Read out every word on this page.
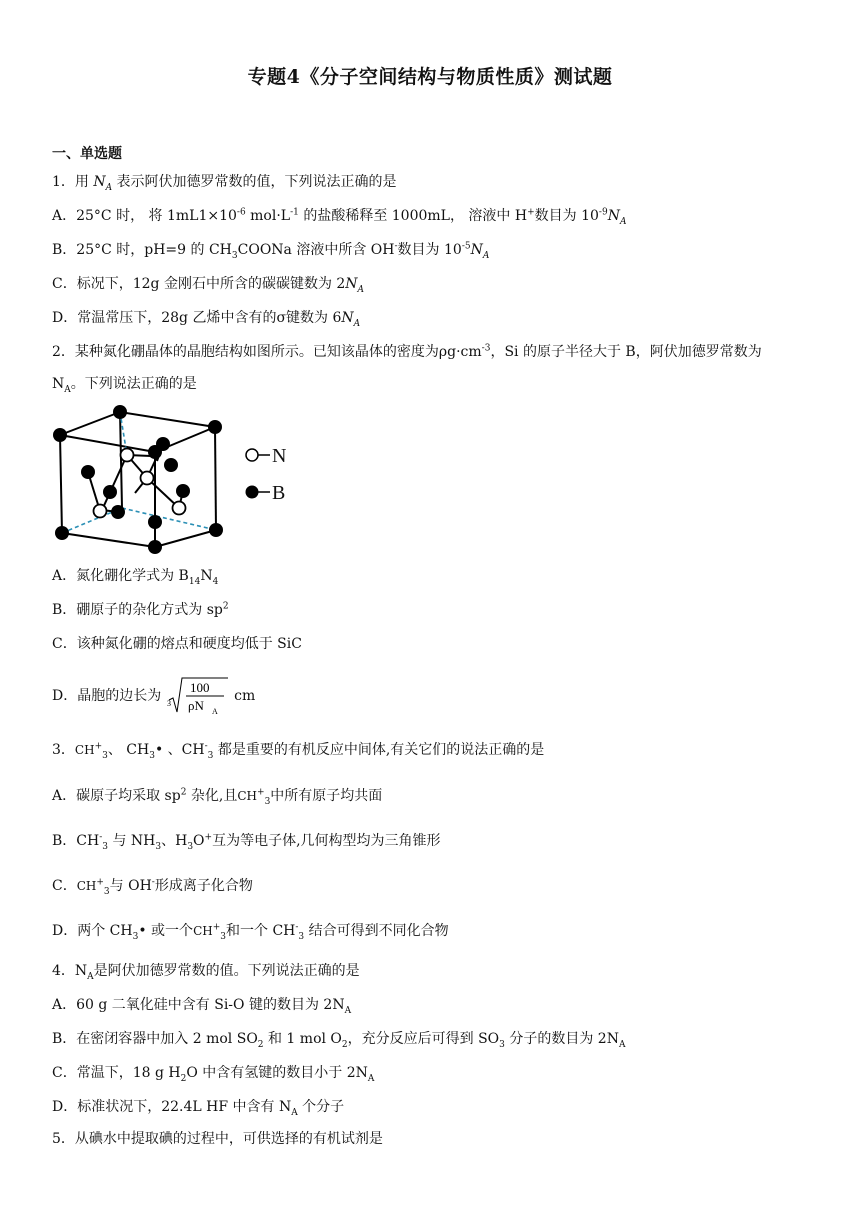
专题4《分子空间结构与物质性质》测试题
一、单选题
1．用 $N_A$ 表示阿伏加德罗常数的值，下列说法正确的是
A．25°C 时， 将 $1mL1\times 10^{-6}$ $mol\cdot L^{-1}$ 的盐酸稀释至 1000mL， 溶液中 H+数目为 $10^{-9}N_A$
B．25°C 时，pH=9 的 $CH_3COONa$ 溶液中所含 OH-数目为 $10^{-5}N_A$
C．标况下，12g 金刚石中所含的碳碳键数为 $2N_A$
D．常温常压下，28g 乙烯中含有的σ键数为 $6N_A$
2．某种氮化硼晶体的晶胞结构如图所示。已知该晶体的密度为$\rho g\cdot cm^{-3}$，Si 的原子半径大于 B，阿伏加德罗常数为
$N_A$。下列说法正确的是
N
B
A．氮化硼化学式为 $B_{14}N_4$
B．硼原子的杂化方式为 $sp^2$
C．该种氮化硼的熔点和硬度均低于 SiC
D．晶胞的边长为 3
100
ρN A
cm
3．$CH^+_3$、 $CH_3•$ 、$CH^-_3$ 都是重要的有机反应中间体,有关它们的说法正确的是
A．碳原子均采取 $sp^2$ 杂化,且$CH^+_3$中所有原子均共面
B．$CH^-_3$ 与 $NH_3$、$H_3O^+$互为等电子体,几何构型均为三角锥形
C．$CH^+_3$与 OH-形成离子化合物
D．两个 $CH_3•$ 或一个$CH^+_3$和一个 $CH^-_3$ 结合可得到不同化合物
4．$N_A$是阿伏加德罗常数的值。下列说法正确的是
A．60 g 二氧化硅中含有 Si-O 键的数目为 $2N_A$
B．在密闭容器中加入 2 mol $SO_2$ 和 1 mol $O_2$，充分反应后可得到 $SO_3$ 分子的数目为 $2N_A$
C．常温下，18 g $H_2O$ 中含有氢键的数目小于 $2N_A$
D．标准状况下，22.4L HF 中含有 $N_A$ 个分子
5．从碘水中提取碘的过程中，可供选择的有机试剂是
